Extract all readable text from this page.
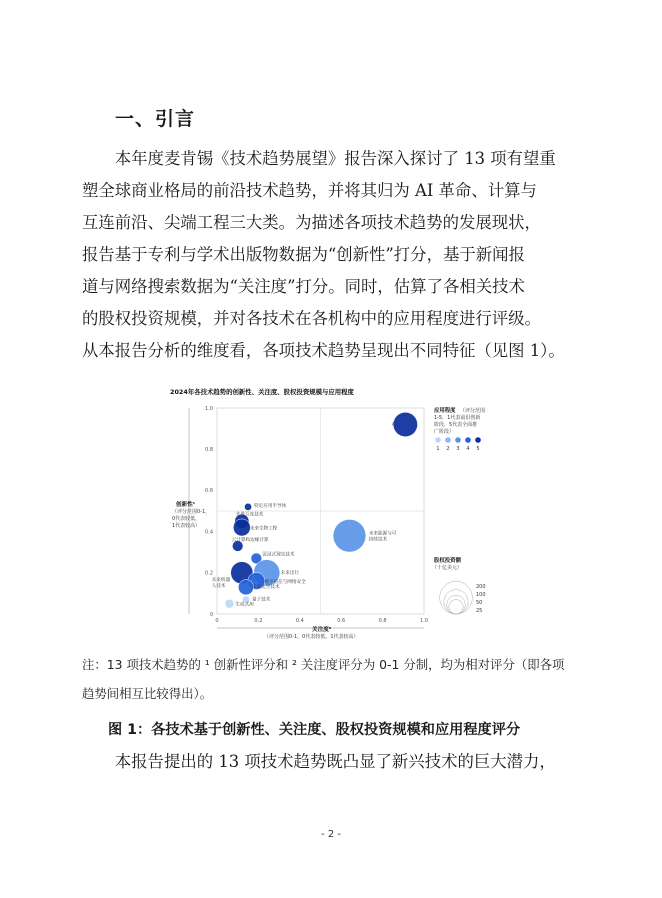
一、引言
　　本年度麦肯锡《技术趋势展望》报告深入探讨了 13 项有望重
塑全球商业格局的前沿技术趋势，并将其归为 AI 革命、计算与
互连前沿、尖端工程三大类。为描述各项技术趋势的发展现状，
报告基于专利与学术出版物数据为“创新性”打分，基于新闻报
道与网络搜索数据为“关注度”打分。同时，估算了各相关技术
的股权投资规模，并对各技术在各机构中的应用程度进行评级。
从本报告分析的维度看，各项技术趋势呈现出不同特征（见图 1）。
2024年各技术趋势的创新性、关注度、股权投资规模与应用程度
0
0.2
0.4
0.6
0.8
1.0
0	0.2	0.4	0.6	0.8	1.0
AI
特定应用半导体
先进互连技术
未来生物工程
云计算和边缘计算
未来能源与可
持续技术
沉浸式现实技术
未来出行
未来机器
人技术
数字信任与网络安全
未来太空技术
量子技术
生成式AI
创新性¹
（评分范围0-1，
0代表较低，
1代表较高）
关注度²
（评分范围0-1，0代表较低，1代表较高）
应用程度 （评分范围
1-5，1代表前沿创新
阶段，5代表全面推
广阶段）
1 2 3 4 5
股权投资额
（十亿美元）
200
100
50
25
注：13 项技术趋势的 ¹ 创新性评分和 ² 关注度评分为 0-1 分制，均为相对评分（即各项
趋势间相互比较得出）。
图 1：各技术基于创新性、关注度、股权投资规模和应用程度评分
　　本报告提出的 13 项技术趋势既凸显了新兴技术的巨大潜力，
- 2 -
